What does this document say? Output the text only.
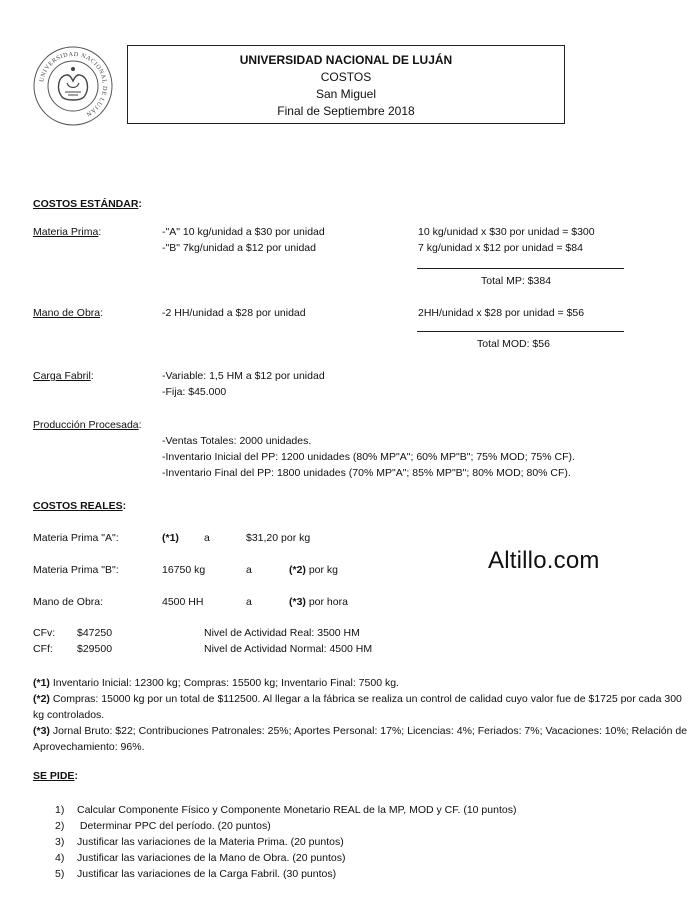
UNIVERSIDAD NACIONAL DE LUJÁN
UNIVERSIDAD NACIONAL DE LUJÁN
COSTOS
San Miguel
Final de Septiembre 2018
COSTOS ESTÁNDAR:
Materia Prima:	-"A" 10 kg/unidad a $30 por unidad
-"B" 7kg/unidad a $12 por unidad
10 kg/unidad x $30 por unidad = $300
7 kg/unidad x $12 por unidad = $84
Total MP: $384
Mano de Obra:	-2 HH/unidad a $28 por unidad	2HH/unidad x $28 por unidad = $56
Total MOD: $56
Carga Fabril:	-Variable: 1,5 HM a $12 por unidad
-Fija: $45.000
Producción Procesada:
-Ventas Totales: 2000 unidades.
-Inventario Inicial del PP: 1200 unidades (80% MP"A"; 60% MP"B"; 75% MOD; 75% CF).
-Inventario Final del PP: 1800 unidades (70% MP"A"; 85% MP"B"; 80% MOD; 80% CF).
COSTOS REALES:
Materia Prima "A":	(*1) a	$31,20 por kg
Materia Prima "B":	16750 kg	a	(*2) por kg
Mano de Obra:	4500 HH	a	(*3) por hora
Altillo.com
CFv: $47250	Nivel de Actividad Real: 3500 HM
CFf: $29500	Nivel de Actividad Normal: 4500 HM
(*1) Inventario Inicial: 12300 kg; Compras: 15500 kg; Inventario Final: 7500 kg.
(*2) Compras: 15000 kg por un total de $112500. Al llegar a la fábrica se realiza un control de calidad cuyo valor fue de $1725 por cada 300 kg controlados.
(*3) Jornal Bruto: $22; Contribuciones Patronales: 25%; Aportes Personal: 17%; Licencias: 4%; Feriados: 7%; Vacaciones: 10%; Relación de Aprovechamiento: 96%.
SE PIDE:
1) Calcular Componente Físico y Componente Monetario REAL de la MP, MOD y CF. (10 puntos)
2) Determinar PPC del período. (20 puntos)
3) Justificar las variaciones de la Materia Prima. (20 puntos)
4) Justificar las variaciones de la Mano de Obra. (20 puntos)
5) Justificar las variaciones de la Carga Fabril. (30 puntos)
